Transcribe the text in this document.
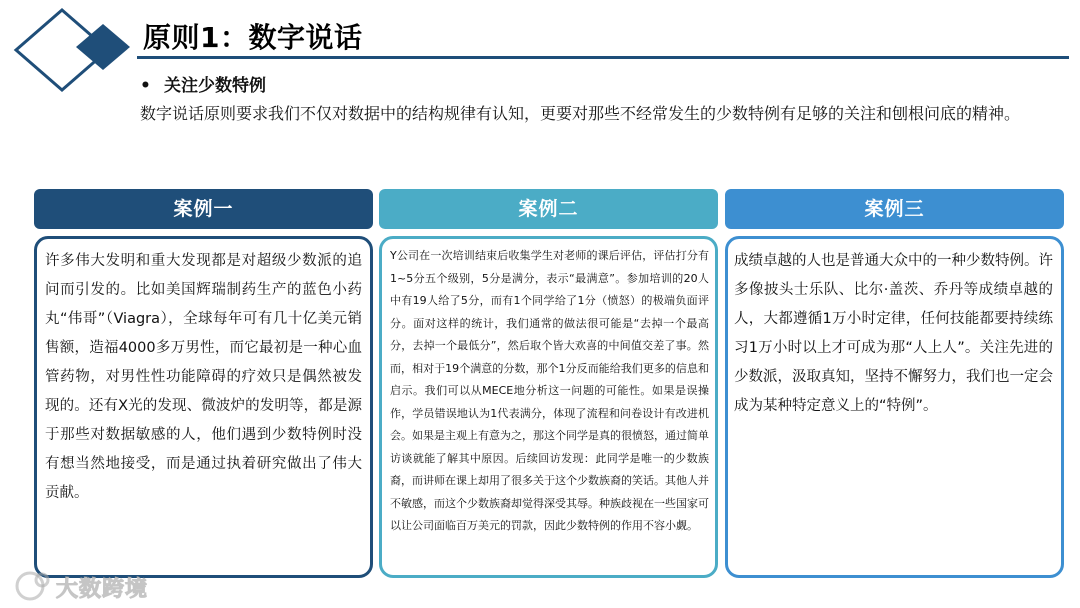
原则1：数字说话
• 关注少数特例
数字说话原则要求我们不仅对数据中的结构规律有认知，更要对那些不经常发生的少数特例有足够的关注和刨根问底的精神。
案例一	案例二	案例三

许多伟大发明和重大发现都是对超级少数派的追问而引发的。比如美国辉瑞制药生产的蓝色小药丸“伟哥”（Viagra），全球每年可有几十亿美元销售额，造福4000多万男性，而它最初是一种心血管药物，对男性性功能障碍的疗效只是偶然被发现的。还有X光的发现、微波炉的发明等，都是源于那些对数据敏感的人，他们遇到少数特例时没有想当然地接受，而是通过执着研究做出了伟大贡献。

Y公司在一次培训结束后收集学生对老师的课后评估，评估打分有1~5分五个级别，5分是满分，表示“最满意”。参加培训的20人中有19人给了5分，而有1个同学给了1分（愤怒）的极端负面评分。面对这样的统计，我们通常的做法很可能是“去掉一个最高分，去掉一个最低分”，然后取个皆大欢喜的中间值交差了事。然而，相对于19个满意的分数，那个1分反而能给我们更多的信息和启示。我们可以从MECE地分析这一问题的可能性。如果是误操作，学员错误地认为1代表满分，体现了流程和问卷设计有改进机会。如果是主观上有意为之，那这个同学是真的很愤怒，通过简单访谈就能了解其中原因。后续回访发现：此同学是唯一的少数族裔，而讲师在课上却用了很多关于这个少数族裔的笑话。其他人并不敏感，而这个少数族裔却觉得深受其辱。种族歧视在一些国家可以让公司面临百万美元的罚款，因此少数特例的作用不容小觑。

成绩卓越的人也是普通大众中的一种少数特例。许多像披头士乐队、比尔·盖茨、乔丹等成绩卓越的人，大都遵循1万小时定律，任何技能都要持续练习1万小时以上才可成为那“人上人”。关注先进的少数派，汲取真知，坚持不懈努力，我们也一定会成为某种特定意义上的“特例”。

大数跨境
